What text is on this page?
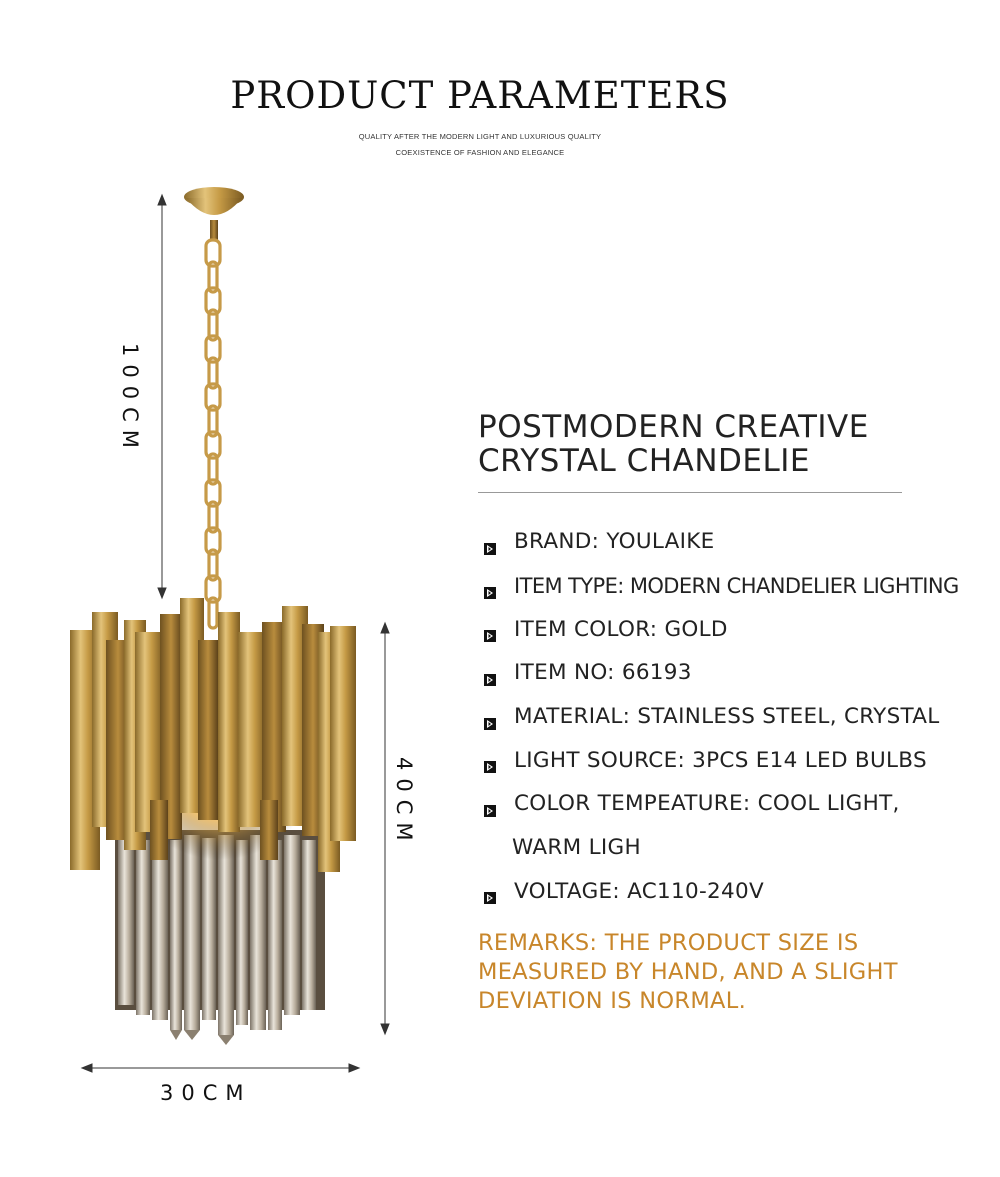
PRODUCT PARAMETERS
QUALITY AFTER THE MODERN LIGHT AND LUXURIOUS QUALITY
COEXISTENCE OF FASHION AND ELEGANCE
100CM
40CM
30CM
POSTMODERN CREATIVE
CRYSTAL CHANDELIE
BRAND: YOULAIKE
ITEM TYPE: MODERN CHANDELIER LIGHTING
ITEM COLOR: GOLD
ITEM NO: 66193
MATERIAL: STAINLESS STEEL, CRYSTAL
LIGHT SOURCE: 3PCS E14 LED BULBS
COLOR TEMPEATURE: COOL LIGHT,
WARM LIGH
VOLTAGE: AC110-240V

REMARKS: THE PRODUCT SIZE IS
MEASURED BY HAND, AND A SLIGHT
DEVIATION IS NORMAL.
